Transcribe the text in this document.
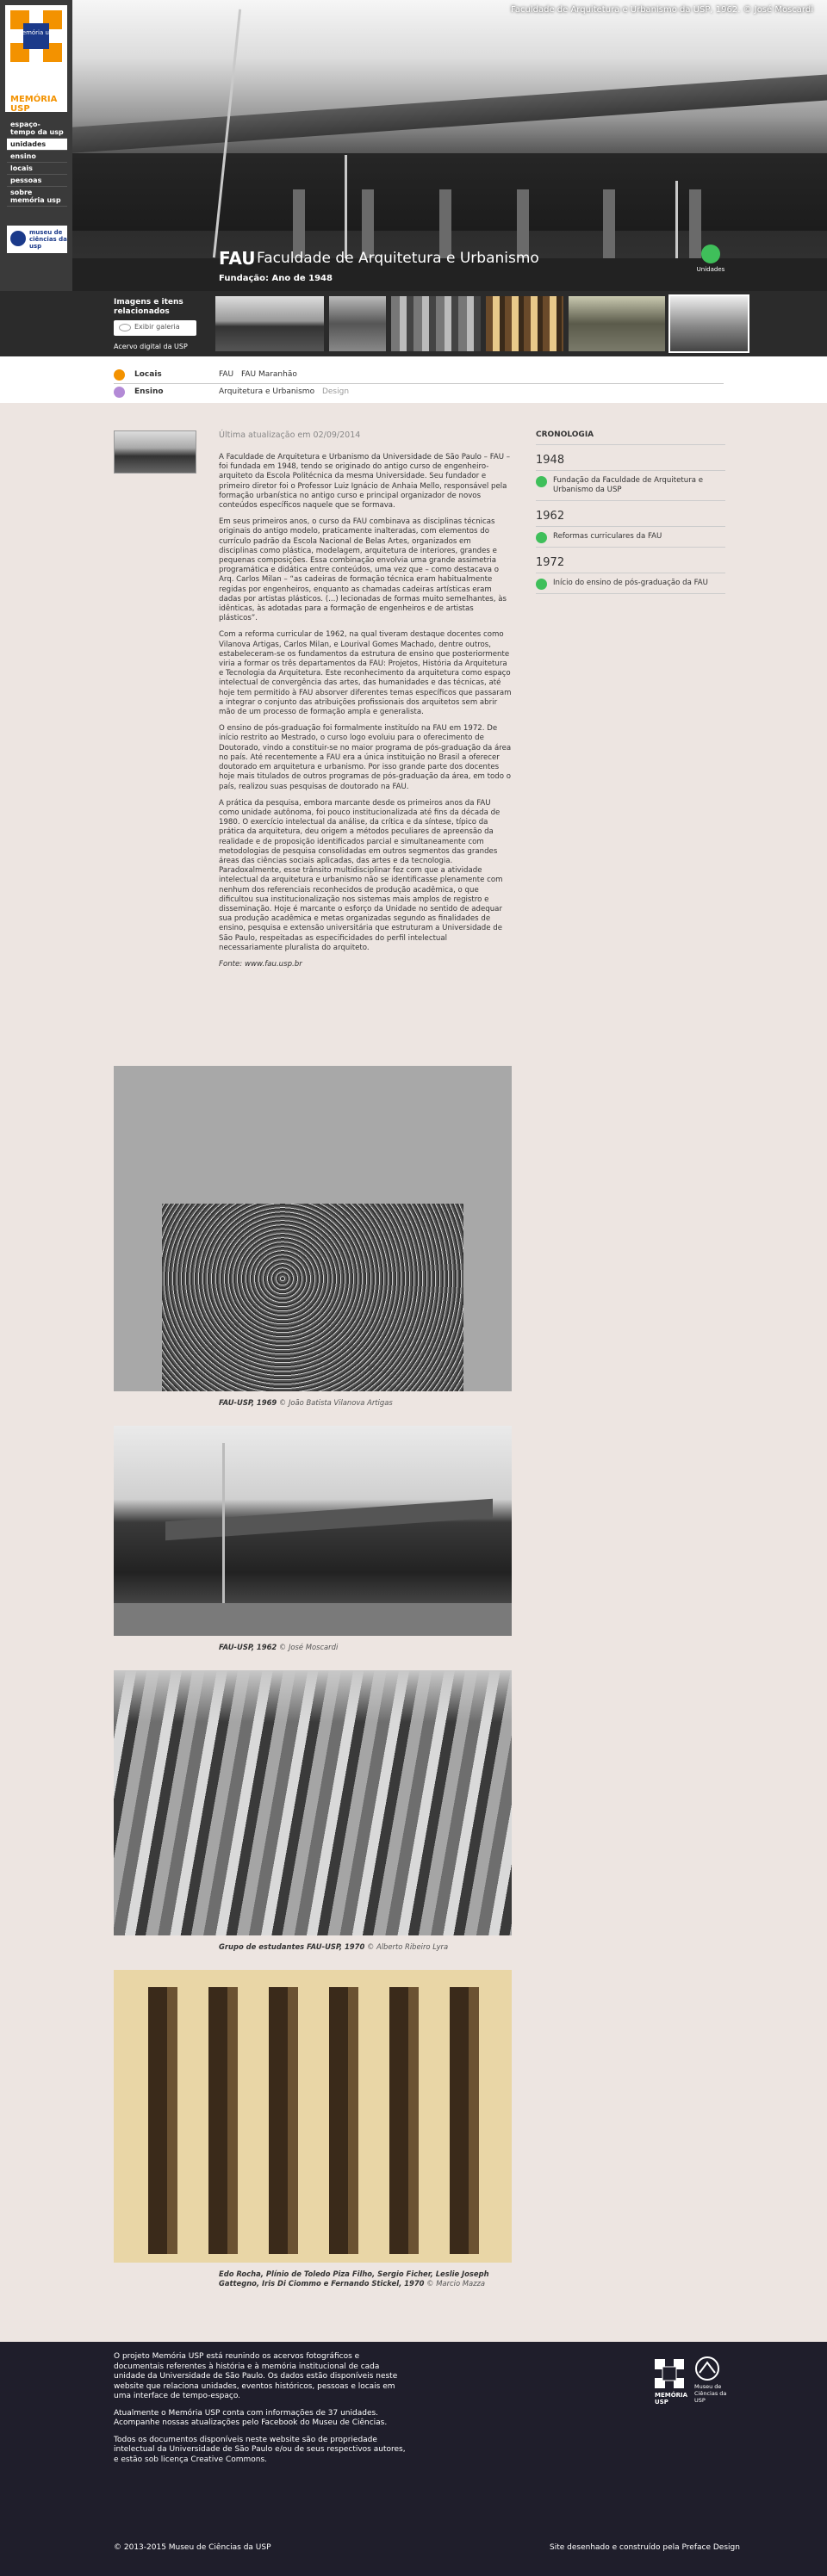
Faculdade de Arquitetura e Urbanismo da USP, 1962. © José Moscardi
memória usp
MEMÓRIA USP
espaço-tempo da usp
unidades
ensino
locais
pessoas
sobre memória usp
museu de ciências da usp
FAU Faculdade de Arquitetura e Urbanismo
Fundação: Ano de 1948
Unidades
Imagens e itens relacionados
Exibir galeria
Acervo digital da USP
Locais	FAU FAU Maranhão
Ensino	Arquitetura e Urbanismo Design
Última atualização em 02/09/2014

A Faculdade de Arquitetura e Urbanismo da Universidade de São Paulo – FAU – foi fundada em 1948, tendo se originado do antigo curso de engenheiro-arquiteto da Escola Politécnica da mesma Universidade. Seu fundador e primeiro diretor foi o Professor Luiz Ignácio de Anhaia Mello, responsável pela formação urbanística no antigo curso e principal organizador de novos conteúdos específicos naquele que se formava.

Em seus primeiros anos, o curso da FAU combinava as disciplinas técnicas originais do antigo modelo, praticamente inalteradas, com elementos do currículo padrão da Escola Nacional de Belas Artes, organizados em disciplinas como plástica, modelagem, arquitetura de interiores, grandes e pequenas composições. Essa combinação envolvia uma grande assimetria programática e didática entre conteúdos, uma vez que – como destacava o Arq. Carlos Milan – “as cadeiras de formação técnica eram habitualmente regidas por engenheiros, enquanto as chamadas cadeiras artísticas eram dadas por artistas plásticos. (...) lecionadas de formas muito semelhantes, às idênticas, às adotadas para a formação de engenheiros e de artistas plásticos”.

Com a reforma curricular de 1962, na qual tiveram destaque docentes como Vilanova Artigas, Carlos Milan, e Lourival Gomes Machado, dentre outros, estabeleceram-se os fundamentos da estrutura de ensino que posteriormente viria a formar os três departamentos da FAU: Projetos, História da Arquitetura e Tecnologia da Arquitetura. Este reconhecimento da arquitetura como espaço intelectual de convergência das artes, das humanidades e das técnicas, até hoje tem permitido à FAU absorver diferentes temas específicos que passaram a integrar o conjunto das atribuições profissionais dos arquitetos sem abrir mão de um processo de formação ampla e generalista.

O ensino de pós-graduação foi formalmente instituído na FAU em 1972. De início restrito ao Mestrado, o curso logo evoluiu para o oferecimento de Doutorado, vindo a constituir-se no maior programa de pós-graduação da área no país. Até recentemente a FAU era a única instituição no Brasil a oferecer doutorado em arquitetura e urbanismo. Por isso grande parte dos docentes hoje mais titulados de outros programas de pós-graduação da área, em todo o país, realizou suas pesquisas de doutorado na FAU.

A prática da pesquisa, embora marcante desde os primeiros anos da FAU como unidade autônoma, foi pouco institucionalizada até fins da década de 1980. O exercício intelectual da análise, da crítica e da síntese, típico da prática da arquitetura, deu origem a métodos peculiares de apreensão da realidade e de proposição identificados parcial e simultaneamente com metodologias de pesquisa consolidadas em outros segmentos das grandes áreas das ciências sociais aplicadas, das artes e da tecnologia. Paradoxalmente, esse trânsito multidisciplinar fez com que a atividade intelectual da arquitetura e urbanismo não se identificasse plenamente com nenhum dos referenciais reconhecidos de produção acadêmica, o que dificultou sua institucionalização nos sistemas mais amplos de registro e disseminação. Hoje é marcante o esforço da Unidade no sentido de adequar sua produção acadêmica e metas organizadas segundo as finalidades de ensino, pesquisa e extensão universitária que estruturam a Universidade de São Paulo, respeitadas as especificidades do perfil intelectual necessariamente pluralista do arquiteto.

Fonte: www.fau.usp.br
CRONOLOGIA
1948
Fundação da Faculdade de Arquitetura e Urbanismo da USP
1962
Reformas curriculares da FAU
1972
Início do ensino de pós-graduação da FAU
FAU-USP, 1969 © João Batista Vilanova Artigas
FAU-USP, 1962 © José Moscardi
Grupo de estudantes FAU-USP, 1970 © Alberto Ribeiro Lyra
Edo Rocha, Plínio de Toledo Piza Filho, Sergio Ficher, Leslie Joseph Gattegno, Iris Di Ciommo e Fernando Stickel, 1970 © Marcio Mazza

O projeto Memória USP está reunindo os acervos fotográficos e documentais referentes à história e à memória institucional de cada unidade da Universidade de São Paulo. Os dados estão disponíveis neste website que relaciona unidades, eventos históricos, pessoas e locais em uma interface de tempo-espaço.

Atualmente o Memória USP conta com informações de 37 unidades. Acompanhe nossas atualizações pelo Facebook do Museu de Ciências.

Todos os documentos disponíveis neste website são de propriedade intelectual da Universidade de São Paulo e/ou de seus respectivos autores, e estão sob licença Creative Commons.

MEMÓRIA USP
Museu de Ciências da USP
© 2013-2015 Museu de Ciências da USP	Site desenhado e construído pela Preface Design
